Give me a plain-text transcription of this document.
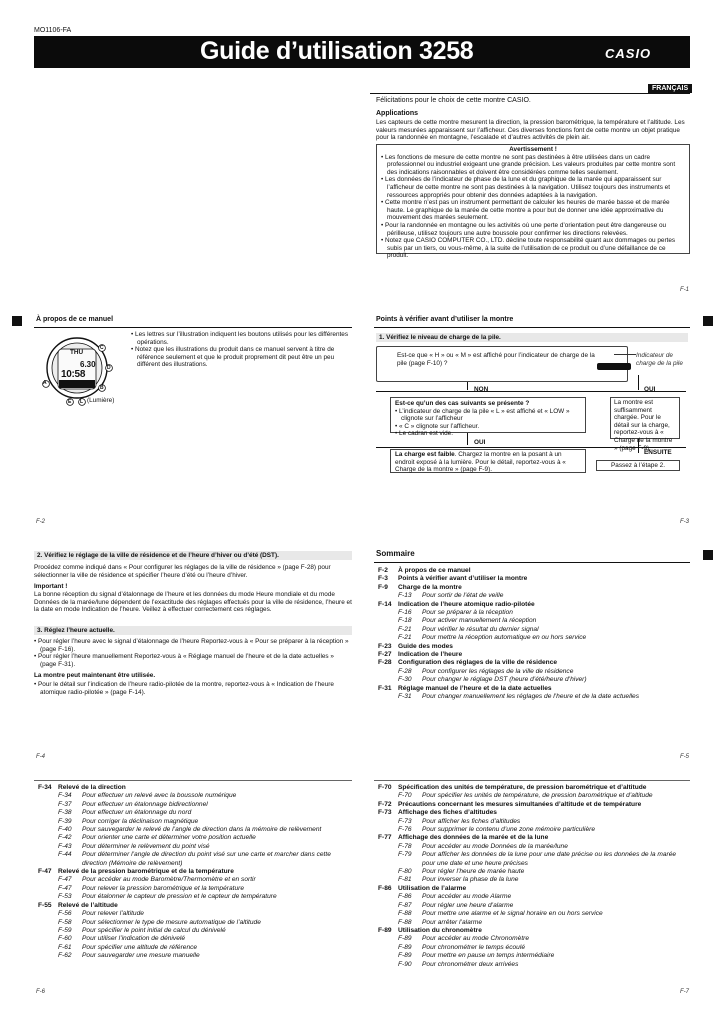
MO1106-FA
Guide d’utilisation 3258	CASIO
FRANÇAIS
Félicitations pour le choix de cette montre CASIO.
Applications
Les capteurs de cette montre mesurent la direction, la pression barométrique, la température et l’altitude. Les valeurs mesurées apparaissent sur l’afficheur. Ces diverses fonctions font de cette montre un objet pratique pour la randonnée en montagne, l’escalade et d’autres activités de plein air.
Avertissement !
• Les fonctions de mesure de cette montre ne sont pas destinées à être utilisées dans un cadre professionnel ou industriel exigeant une grande précision. Les valeurs produites par cette montre sont des indications raisonnables et doivent être considérées comme telles seulement.
• Les données de l’indicateur de phase de la lune et du graphique de la marée qui apparaissent sur l’afficheur de cette montre ne sont pas destinées à la navigation. Utilisez toujours des instruments et ressources appropriés pour obtenir des données adaptées à la navigation.
• Cette montre n’est pas un instrument permettant de calculer les heures de marée basse et de marée haute. Le graphique de la marée de cette montre a pour but de donner une idée approximative du mouvement des marées seulement.
• Pour la randonnée en montagne ou les activités où une perte d’orientation peut être dangereuse ou périlleuse, utilisez toujours une autre boussole pour confirmer les directions relevées.
• Notez que CASIO COMPUTER CO., LTD. décline toute responsabilité quant aux dommages ou pertes subis par un tiers, ou vous-même, à la suite de l’utilisation de ce produit ou d’une défaillance de ce produit.
F-1
À propos de ce manuel
THU
6.30
10:58
A
B
C
D
E L (Lumière)
• Les lettres sur l’illustration indiquent les boutons utilisés pour les différentes opérations.
• Notez que les illustrations du produit dans ce manuel servent à titre de référence seulement et que le produit proprement dit peut être un peu différent des illustrations.
F-2
Points à vérifier avant d’utiliser la montre
1. Vérifiez le niveau de charge de la pile.
Est-ce que « H » ou « M » est affiché pour l’indicateur de charge de la pile (page F-10) ?
Indicateur de charge de la pile
NON	OUI
Est-ce qu’un des cas suivants se présente ?
• L’indicateur de charge de la pile « L » est affiché et « LOW » clignote sur l’afficheur
• « C » clignote sur l’afficheur.
• Le cadran est vide.
La montre est suffisamment chargée. Pour le détail sur la charge, reportez-vous à « Charge de la montre » (page F-9).
OUI
ENSUITE
La charge est faible. Chargez la montre en la posant à un endroit exposé à la lumière. Pour le détail, reportez-vous à « Charge de la montre » (page F-9).
Passez à l’étape 2.
F-3
2. Vérifiez le réglage de la ville de résidence et de l’heure d’hiver ou d’été (DST).
Procédez comme indiqué dans « Pour configurer les réglages de la ville de résidence » (page F-28) pour sélectionner la ville de résidence et spécifier l’heure d’été ou l’heure d’hiver.
Important !
La bonne réception du signal d’étalonnage de l’heure et les données du mode Heure mondiale et du mode Données de la marée/lune dépendent de l’exactitude des réglages effectués pour la ville de résidence, l’heure et la date en mode Indication de l’heure. Veillez à effectuer correctement ces réglages.
3. Réglez l’heure actuelle.
• Pour régler l’heure avec le signal d’étalonnage de l’heure Reportez-vous à « Pour se préparer à la réception » (page F-16).
• Pour régler l’heure manuellement Reportez-vous à « Réglage manuel de l’heure et de la date actuelles » (page F-31).
La montre peut maintenant être utilisée.
• Pour le détail sur l’indication de l’heure radio-pilotée de la montre, reportez-vous à « Indication de l’heure atomique radio-pilotée » (page F-14).
F-4
Sommaire
F-2	À propos de ce manuel
F-3	Points à vérifier avant d’utiliser la montre
F-9	Charge de la montre
F-13	Pour sortir de l’état de veille
F-14 Indication de l’heure atomique radio-pilotée
F-16	Pour se préparer à la réception
F-18	Pour activer manuellement la réception
F-21	Pour vérifier le résultat du dernier signal
F-21	Pour mettre la réception automatique en ou hors service
F-23 Guide des modes
F-27 Indication de l’heure
F-28 Configuration des réglages de la ville de résidence
F-28	Pour configurer les réglages de la ville de résidence
F-30	Pour changer le réglage DST (heure d’été/heure d’hiver)
F-31 Réglage manuel de l’heure et de la date actuelles
F-31	Pour changer manuellement les réglages de l’heure et de la date actuelles
F-5
F-34 Relevé de la direction
F-34	Pour effectuer un relevé avec la boussole numérique
F-37	Pour effectuer un étalonnage bidirectionnel
F-38	Pour effectuer un étalonnage du nord
F-39	Pour corriger la déclinaison magnétique
F-40	Pour sauvegarder le relevé de l’angle de direction dans la mémoire de relèvement
F-42	Pour orienter une carte et déterminer votre position actuelle
F-43	Pour déterminer le relèvement du point visé
F-44	Pour déterminer l’angle de direction du point visé sur une carte et marcher dans cette direction (Mémoire de relèvement)
F-47 Relevé de la pression barométrique et de la température
F-47	Pour accéder au mode Baromètre/Thermomètre et en sortir
F-47	Pour relever la pression barométrique et la température
F-53	Pour étalonner le capteur de pression et le capteur de température
F-55 Relevé de l’altitude
F-56	Pour relever l’altitude
F-58	Pour sélectionner le type de mesure automatique de l’altitude
F-59	Pour spécifier le point initial de calcul du dénivelé
F-60	Pour utiliser l’indication de dénivelé
F-61	Pour spécifier une altitude de référence
F-62	Pour sauvegarder une mesure manuelle
F-70 Spécification des unités de température, de pression barométrique et d’altitude
F-70	Pour spécifier les unités de température, de pression barométrique et d’altitude
F-72 Précautions concernant les mesures simultanées d’altitude et de température
F-73 Affichage des fiches d’altitudes
F-73	Pour afficher les fiches d’altitudes
F-76	Pour supprimer le contenu d’une zone mémoire particulière
F-77 Affichage des données de la marée et de la lune
F-78	Pour accéder au mode Données de la marée/lune
F-79	Pour afficher les données de la lune pour une date précise ou les données de la marée pour une date et une heure précises
F-80	Pour régler l’heure de marée haute
F-81	Pour inverser la phase de la lune
F-86 Utilisation de l’alarme
F-86	Pour accéder au mode Alarme
F-87	Pour régler une heure d’alarme
F-88	Pour mettre une alarme et le signal horaire en ou hors service
F-88	Pour arrêter l’alarme
F-89 Utilisation du chronomètre
F-89	Pour accéder au mode Chronomètre
F-89	Pour chronométrer le temps écoulé
F-89	Pour mettre en pause un temps intermédiaire
F-90	Pour chronométrer deux arrivées
F-6	F-7
